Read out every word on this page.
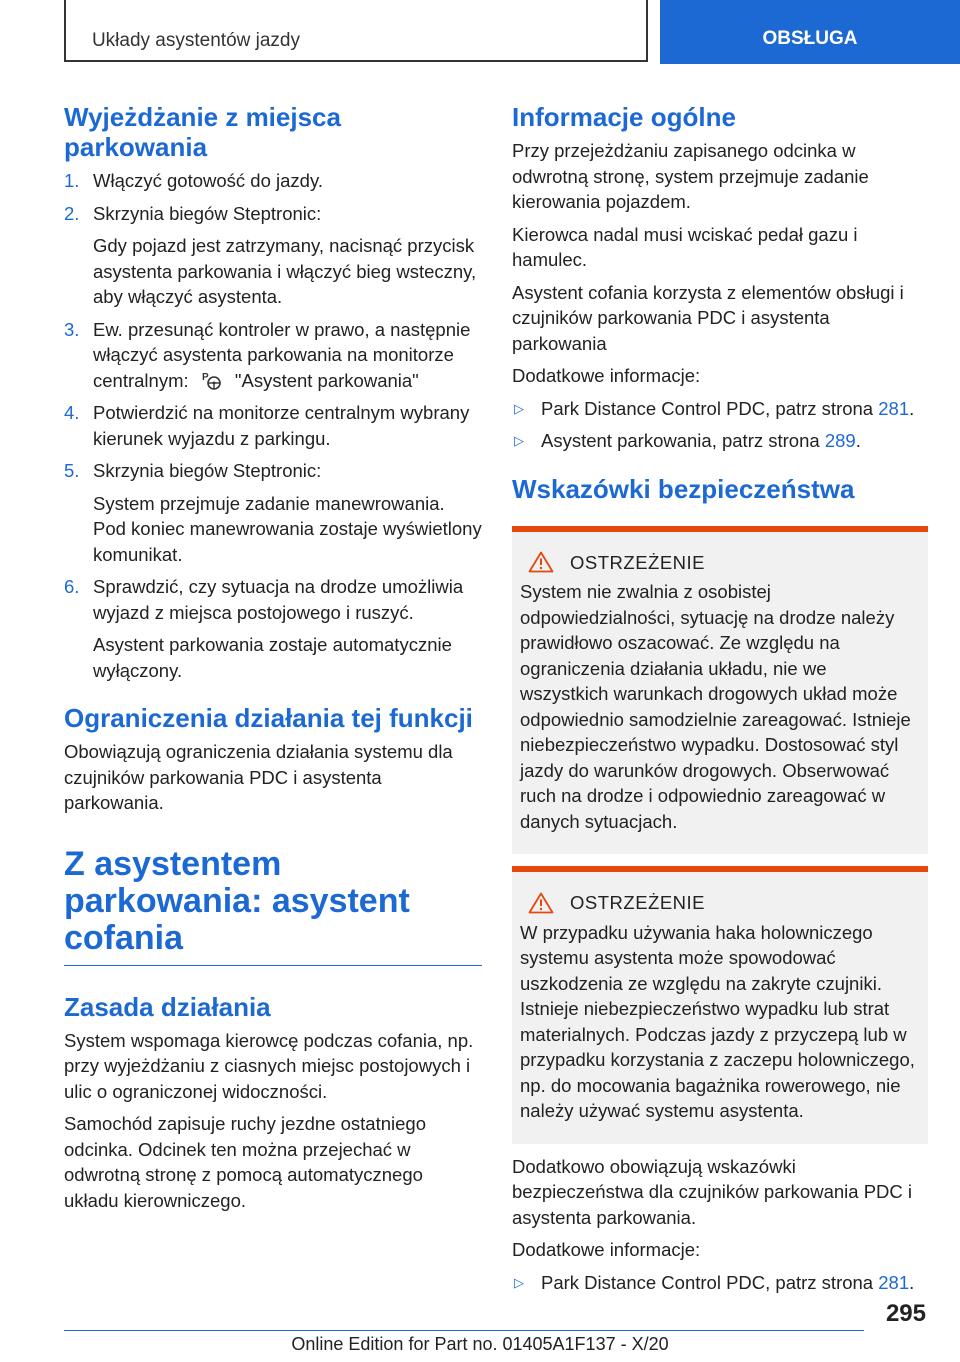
Układy asystentów jazdy	OBSŁUGA
Wyjeżdżanie z miejsca parkowania
1. Włączyć gotowość do jazdy.
2. Skrzynia biegów Steptronic:
Gdy pojazd jest zatrzymany, nacisnąć przycisk asystenta parkowania i włączyć bieg wsteczny, aby włączyć asystenta.
3. Ew. przesunąć kontroler w prawo, a następnie włączyć asystenta parkowania na monitorze centralnym: P "Asystent parkowania"
4. Potwierdzić na monitorze centralnym wybrany kierunek wyjazdu z parkingu.
5. Skrzynia biegów Steptronic:
System przejmuje zadanie manewrowania. Pod koniec manewrowania zostaje wyświetlony komunikat.
6. Sprawdzić, czy sytuacja na drodze umożliwia wyjazd z miejsca postojowego i ruszyć.
Asystent parkowania zostaje automatycznie wyłączony.
Ograniczenia działania tej funkcji

Obowiązują ograniczenia działania systemu dla czujników parkowania PDC i asystenta parkowania.

Z asystentem parkowania: asystent cofania
Zasada działania

System wspomaga kierowcę podczas cofania, np. przy wyjeżdżaniu z ciasnych miejsc postojowych i ulic o ograniczonej widoczności.

Samochód zapisuje ruchy jezdne ostatniego odcinka. Odcinek ten można przejechać w odwrotną stronę z pomocą automatycznego układu kierowniczego.

Informacje ogólne

Przy przejeżdżaniu zapisanego odcinka w odwrotną stronę, system przejmuje zadanie kierowania pojazdem.

Kierowca nadal musi wciskać pedał gazu i hamulec.

Asystent cofania korzysta z elementów obsługi i czujników parkowania PDC i asystenta parkowania

Dodatkowe informacje:

▷ Park Distance Control PDC, patrz strona 281.
▷ Asystent parkowania, patrz strona 289.
Wskazówki bezpieczeństwa
OSTRZEŻENIE

System nie zwalnia z osobistej odpowiedzialności, sytuację na drodze należy prawidłowo oszacować. Ze względu na ograniczenia działania układu, nie we wszystkich warunkach drogowych układ może odpowiednio samodzielnie zareagować. Istnieje niebezpieczeństwo wypadku. Dostosować styl jazdy do warunków drogowych. Obserwować ruch na drodze i odpowiednio zareagować w danych sytuacjach.

OSTRZEŻENIE

W przypadku używania haka holowniczego systemu asystenta może spowodować uszkodzenia ze względu na zakryte czujniki. Istnieje niebezpieczeństwo wypadku lub strat materialnych. Podczas jazdy z przyczepą lub w przypadku korzystania z zaczepu holowniczego, np. do mocowania bagażnika rowerowego, nie należy używać systemu asystenta.

Dodatkowo obowiązują wskazówki bezpieczeństwa dla czujników parkowania PDC i asystenta parkowania.

Dodatkowe informacje:

▷ Park Distance Control PDC, patrz strona 281.
295
Online Edition for Part no. 01405A1F137 - X/20
